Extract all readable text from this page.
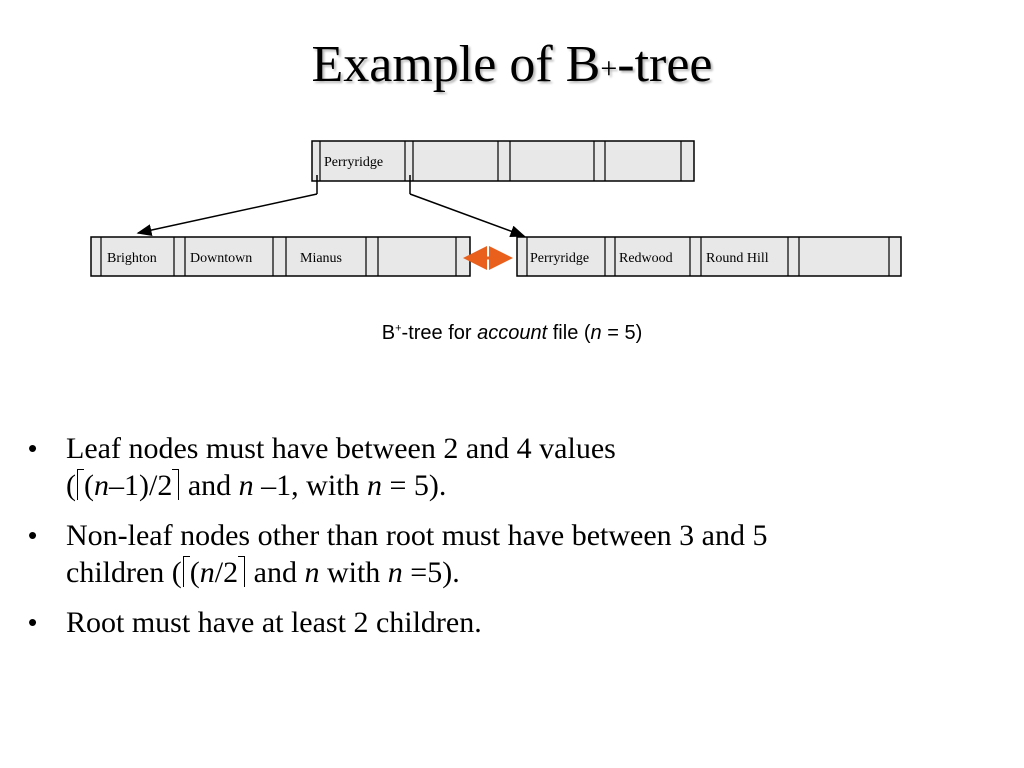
Example of B+-tree
Perryridge
Brighton Downtown	Mianus	Perryridge Redwood Round Hill
B+-tree for account file (n = 5)
• Leaf nodes must have between 2 and 4 values
( (n–1)/2 and n –1, with n = 5).
• Non-leaf nodes other than root must have between 3 and 5
children ( (n/2 and n with n =5).
• Root must have at least 2 children.
